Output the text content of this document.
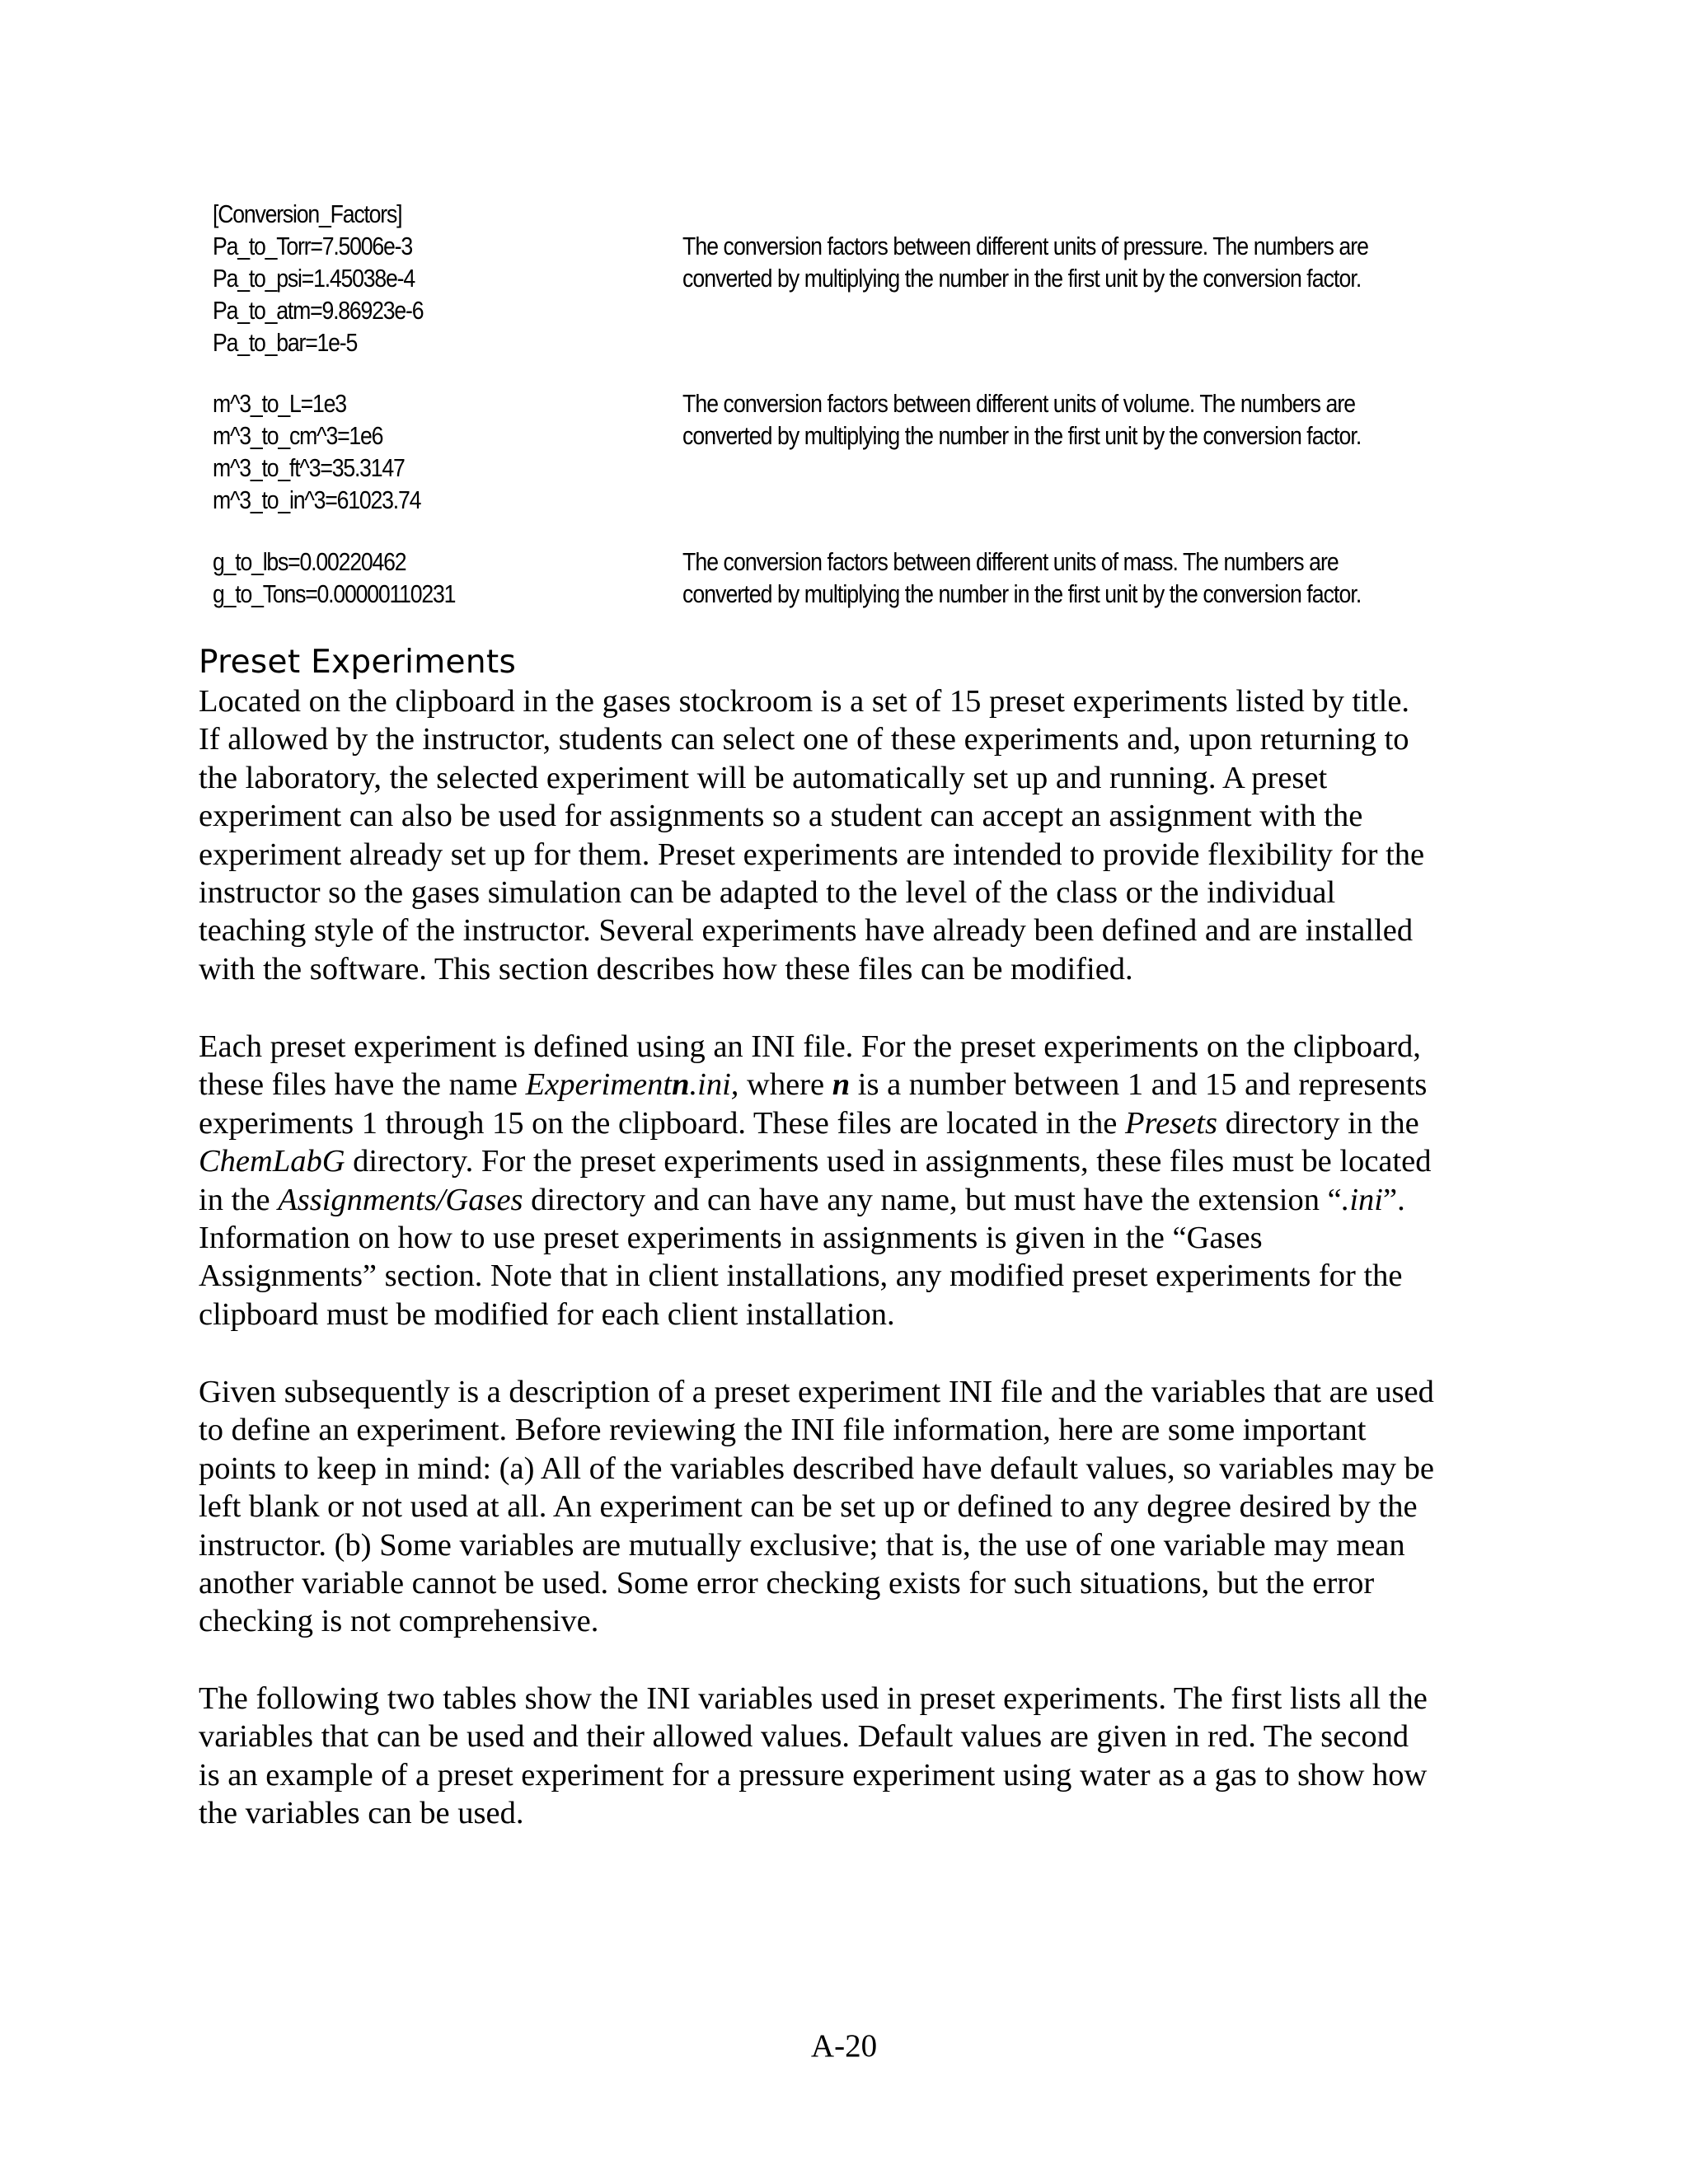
[Conversion_Factors]
Pa_to_Torr=7.5006e-3
Pa_to_psi=1.45038e-4
Pa_to_atm=9.86923e-6
Pa_to_bar=1e-5
The conversion factors between different units of pressure. The numbers are
converted by multiplying the number in the first unit by the conversion factor.
m^3_to_L=1e3
m^3_to_cm^3=1e6
m^3_to_ft^3=35.3147
m^3_to_in^3=61023.74
The conversion factors between different units of volume. The numbers are
converted by multiplying the number in the first unit by the conversion factor.
g_to_lbs=0.00220462
g_to_Tons=0.00000110231
The conversion factors between different units of mass. The numbers are
converted by multiplying the number in the first unit by the conversion factor.
Preset Experiments

Located on the clipboard in the gases stockroom is a set of 15 preset experiments listed by title.
If allowed by the instructor, students can select one of these experiments and, upon returning to
the laboratory, the selected experiment will be automatically set up and running. A preset
experiment can also be used for assignments so a student can accept an assignment with the
experiment already set up for them. Preset experiments are intended to provide flexibility for the
instructor so the gases simulation can be adapted to the level of the class or the individual
teaching style of the instructor. Several experiments have already been defined and are installed
with the software. This section describes how these files can be modified.

Each preset experiment is defined using an INI file. For the preset experiments on the clipboard,
these files have the name Experimentn.ini, where n is a number between 1 and 15 and represents
experiments 1 through 15 on the clipboard. These files are located in the Presets directory in the
ChemLabG directory. For the preset experiments used in assignments, these files must be located
in the Assignments/Gases directory and can have any name, but must have the extension “.ini”.
Information on how to use preset experiments in assignments is given in the “Gases
Assignments” section. Note that in client installations, any modified preset experiments for the
clipboard must be modified for each client installation.

Given subsequently is a description of a preset experiment INI file and the variables that are used
to define an experiment. Before reviewing the INI file information, here are some important
points to keep in mind: (a) All of the variables described have default values, so variables may be
left blank or not used at all. An experiment can be set up or defined to any degree desired by the
instructor. (b) Some variables are mutually exclusive; that is, the use of one variable may mean
another variable cannot be used. Some error checking exists for such situations, but the error
checking is not comprehensive.

The following two tables show the INI variables used in preset experiments. The first lists all the
variables that can be used and their allowed values. Default values are given in red. The second
is an example of a preset experiment for a pressure experiment using water as a gas to show how
the variables can be used.

A-20
